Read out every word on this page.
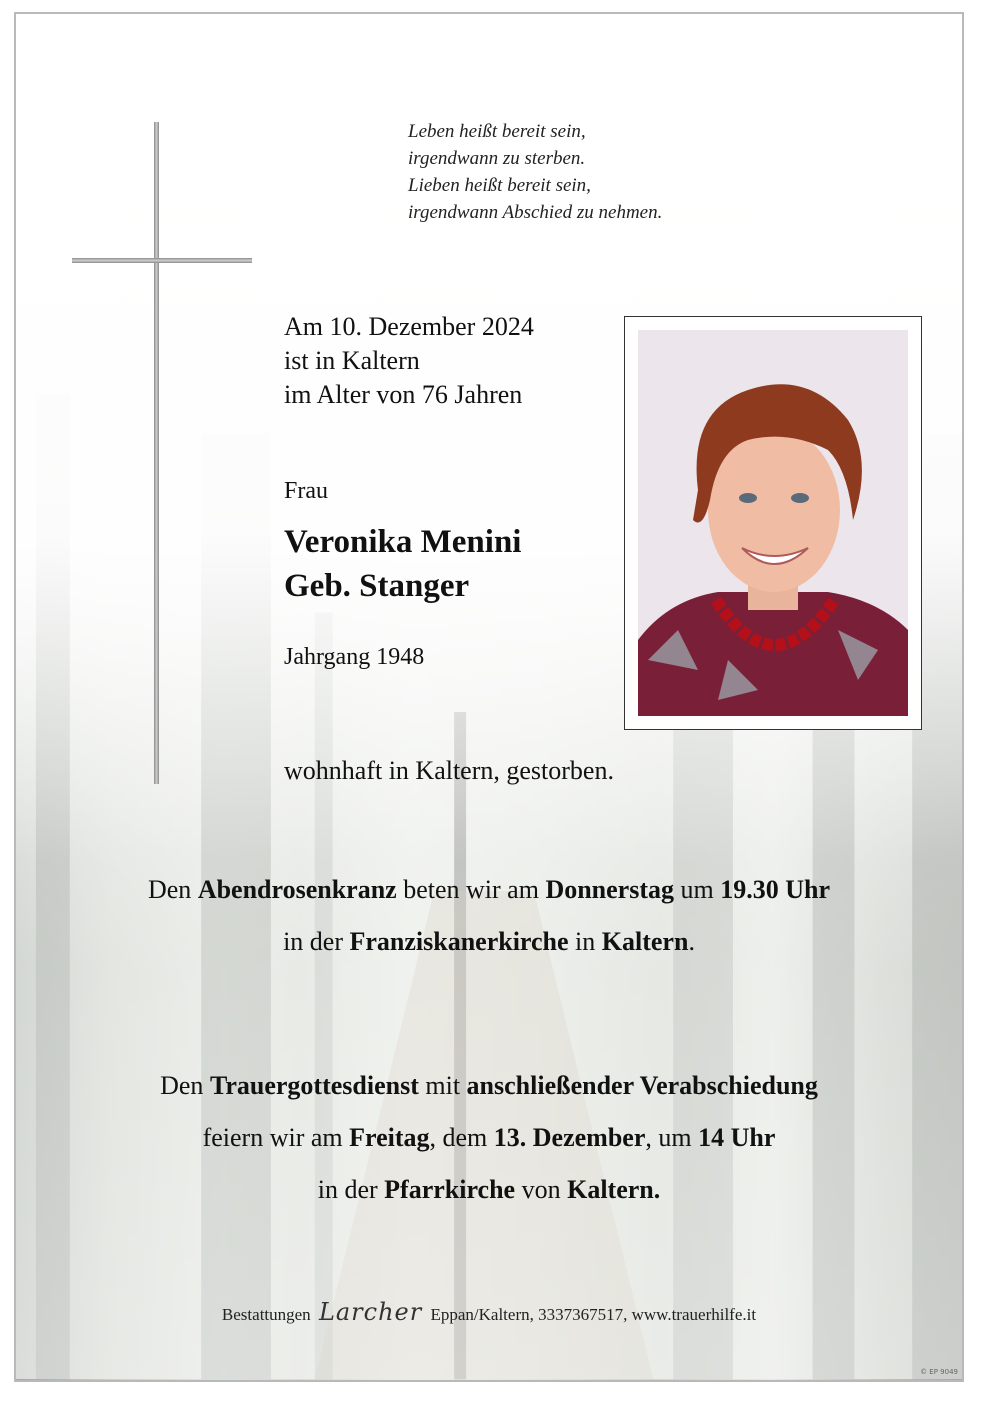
Leben heißt bereit sein,
irgendwann zu sterben.
Lieben heißt bereit sein,
irgendwann Abschied zu nehmen.
Am 10. Dezember 2024
ist in Kaltern
im Alter von 76 Jahren
Frau
Veronika Menini
Geb. Stanger
Jahrgang 1948
wohnhaft in Kaltern, gestorben.
Den Abendrosenkranz beten wir am Donnerstag um 19.30 Uhr
in der Franziskanerkirche in Kaltern.
Den Trauergottesdienst mit anschließender Verabschiedung
feiern wir am Freitag, dem 13. Dezember, um 14 Uhr
in der Pfarrkirche von Kaltern.
Bestattungen Larcher Eppan/Kaltern, 3337367517, www.trauerhilfe.it
© EP 9049
